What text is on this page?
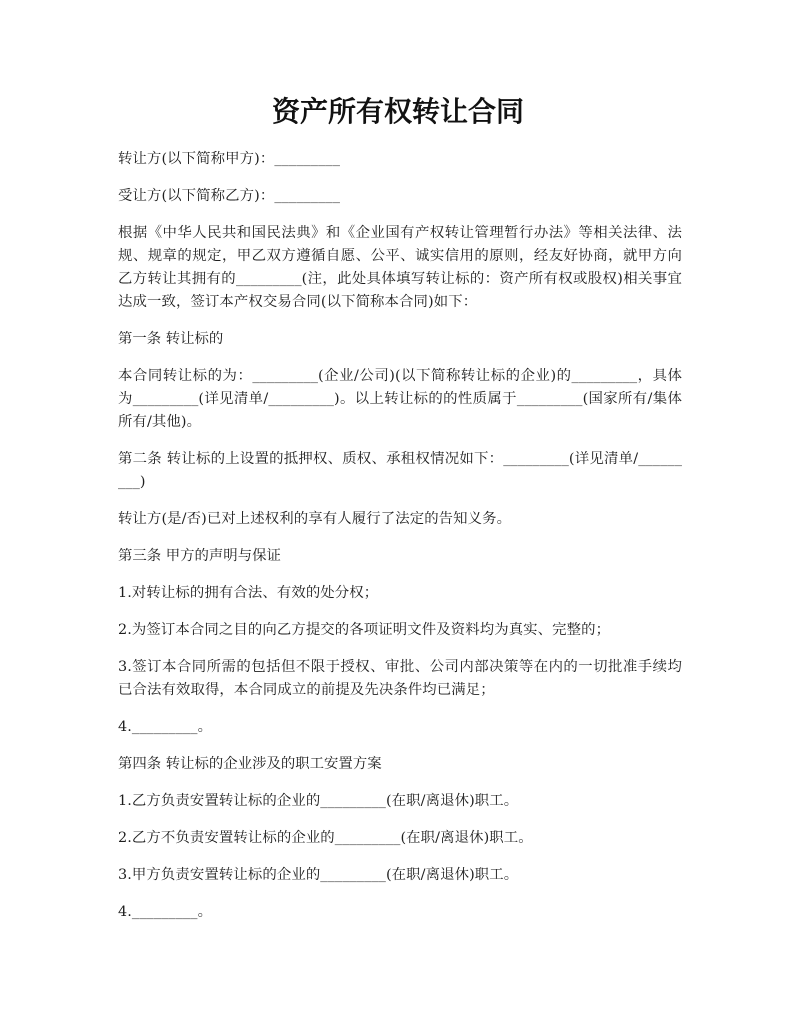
资产所有权转让合同

转让方(以下简称甲方)：_________

受让方(以下简称乙方)：_________

根据《中华人民共和国民法典》和《企业国有产权转让管理暂行办法》等相关法律、法规、规章的规定，甲乙双方遵循自愿、公平、诚实信用的原则，经友好协商，就甲方向乙方转让其拥有的_________(注，此处具体填写转让标的：资产所有权或股权)相关事宜达成一致，签订本产权交易合同(以下简称本合同)如下：

第一条 转让标的

本合同转让标的为：_________(企业/公司)(以下简称转让标的企业)的_________，具体为_________(详见清单/_________)。以上转让标的的性质属于_________(国家所有/集体所有/其他)。

第二条 转让标的上设置的抵押权、质权、承租权情况如下：_________(详见清单/_________)

转让方(是/否)已对上述权利的享有人履行了法定的告知义务。

第三条 甲方的声明与保证

1.对转让标的拥有合法、有效的处分权；

2.为签订本合同之目的向乙方提交的各项证明文件及资料均为真实、完整的；

3.签订本合同所需的包括但不限于授权、审批、公司内部决策等在内的一切批准手续均已合法有效取得，本合同成立的前提及先决条件均已满足；

4._________。

第四条 转让标的企业涉及的职工安置方案

1.乙方负责安置转让标的企业的_________(在职/离退休)职工。

2.乙方不负责安置转让标的企业的_________(在职/离退休)职工。

3.甲方负责安置转让标的企业的_________(在职/离退休)职工。

4._________。
